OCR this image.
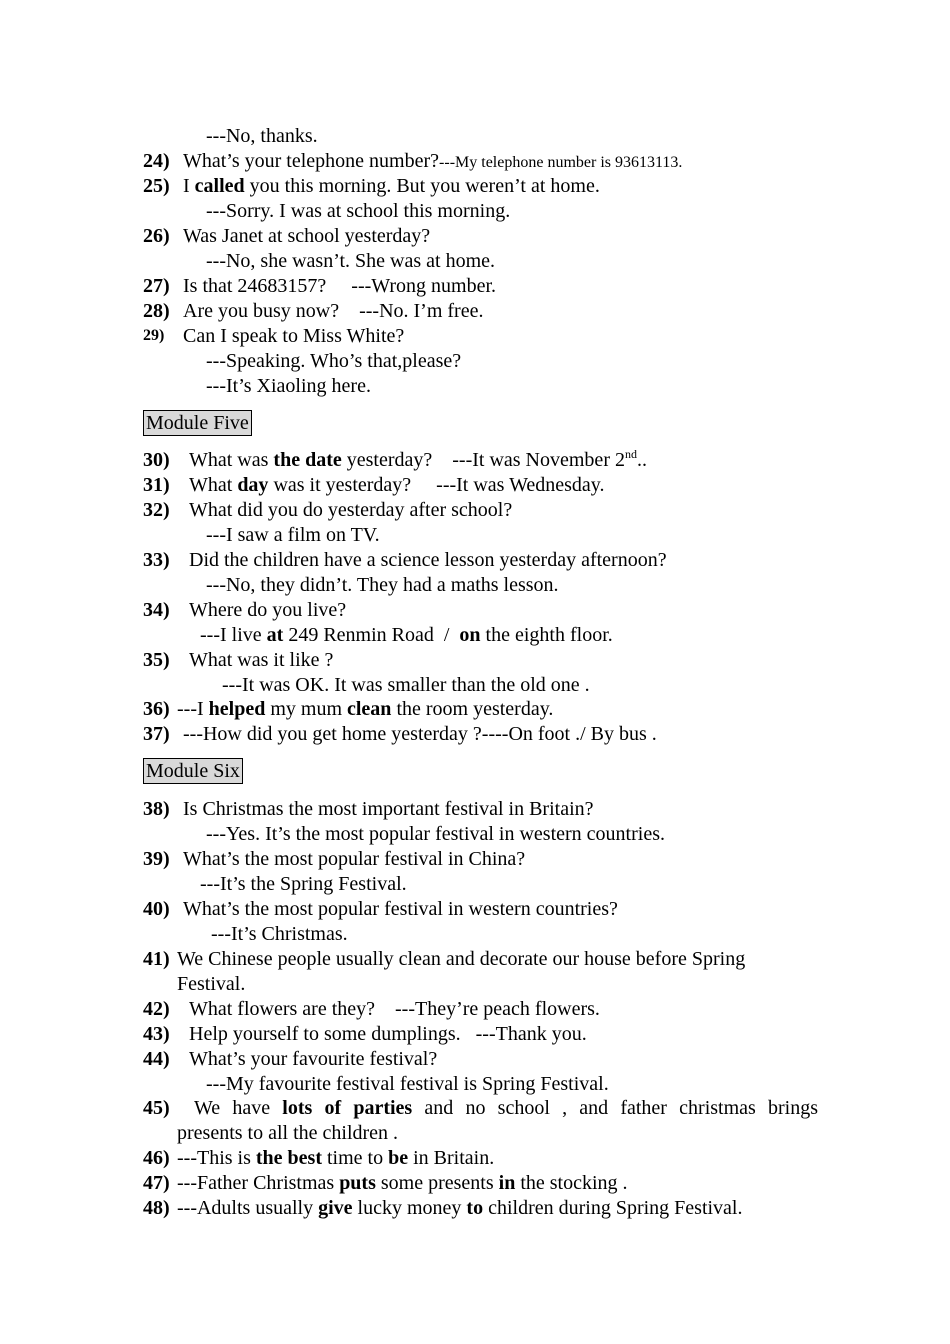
---No, thanks.
24) What’s your telephone number?---My telephone number is 93613113.
25) I called you this morning. But you weren’t at home.
---Sorry. I was at school this morning.
26) Was Janet at school yesterday?
---No, she wasn’t. She was at home.
27) Is that 24683157?     ---Wrong number.
28) Are you busy now?    ---No. I’m free.
29) Can I speak to Miss White?
---Speaking. Who’s that,please?
---It’s Xiaoling here.
Module Five
30) What was the date yesterday?    ---It was November 2nd..
31) What day was it yesterday?     ---It was Wednesday.
32) What did you do yesterday after school?
---I saw a film on TV.
33) Did the children have a science lesson yesterday afternoon?
---No, they didn’t. They had a maths lesson.
34) Where do you live?
---I live at 249 Renmin Road  /  on the eighth floor.
35) What was it like ?
---It was OK. It was smaller than the old one .
36) ---I helped my mum clean the room yesterday.
37) ---How did you get home yesterday ?----On foot ./ By bus .
Module Six
38) Is Christmas the most important festival in Britain?
---Yes. It’s the most popular festival in western countries.
39) What’s the most popular festival in China?
---It’s the Spring Festival.
40) What’s the most popular festival in western countries?
---It’s Christmas.
41) We Chinese people usually clean and decorate our house before Spring
Festival.
42) What flowers are they?    ---They’re peach flowers.
43) Help yourself to some dumplings.   ---Thank you.
44) What’s your favourite festival?
---My favourite festival festival is Spring Festival.
45) We have lots of parties and no school , and father christmas brings
presents to all the children .
46) ---This is the best time to be in Britain.
47) ---Father Christmas puts some presents in the stocking .
48) ---Adults usually give lucky money to children during Spring Festival.
